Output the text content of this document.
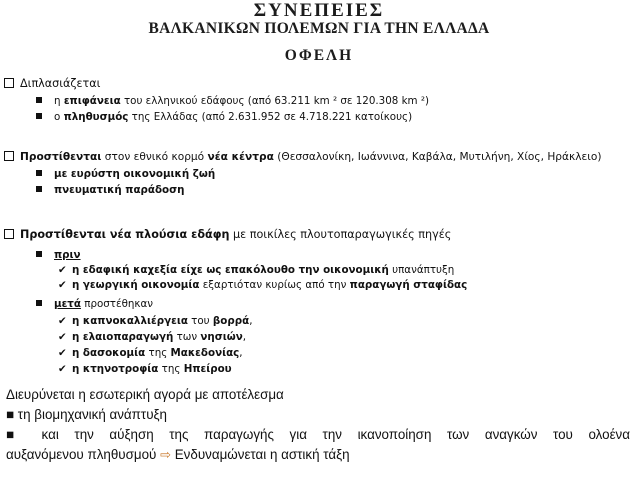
ΣΥΝΕΠΕΙΕΣ
ΒΑΛΚΑΝΙΚΩΝ ΠΟΛΕΜΩΝ ΓΙΑ ΤΗΝ ΕΛΛΑΔΑ
ΟΦΕΛΗ
Διπλασιάζεται
η επιφάνεια του ελληνικού εδάφους (από 63.211 km ² σε 120.308 km ²)
ο πληθυσμός της Ελλάδας (από 2.631.952 σε 4.718.221 κατοίκους)
Προστίθενται στον εθνικό κορμό νέα κέντρα (Θεσσαλονίκη, Ιωάννινα, Καβάλα, Μυτιλήνη, Χίος, Ηράκλειο)
με ευρύστη οικονομική ζωή
πνευματική παράδοση
Προστίθενται νέα πλούσια εδάφη με ποικίλες πλουτοπαραγωγικές πηγές
πριν
✔ η εδαφική καχεξία είχε ως επακόλουθο την οικονομική υπανάπτυξη
✔ η γεωργική οικονομία εξαρτιόταν κυρίως από την παραγωγή σταφίδας
μετά προστέθηκαν
✔ η καπνοκαλλιέργεια του βορρά,
✔ η ελαιοπαραγωγή των νησιών,
✔ η δασοκομία της Μακεδονίας,
✔ η κτηνοτροφία της Ηπείρου
Διευρύνεται η εσωτερική αγορά με αποτέλεσμα
■ τη βιομηχανική ανάπτυξη
■ και την αύξηση της παραγωγής για την ικανοποίηση των αναγκών του ολοένα
αυξανόμενου πληθυσμού ⇨ Ενδυναμώνεται η αστική τάξη
